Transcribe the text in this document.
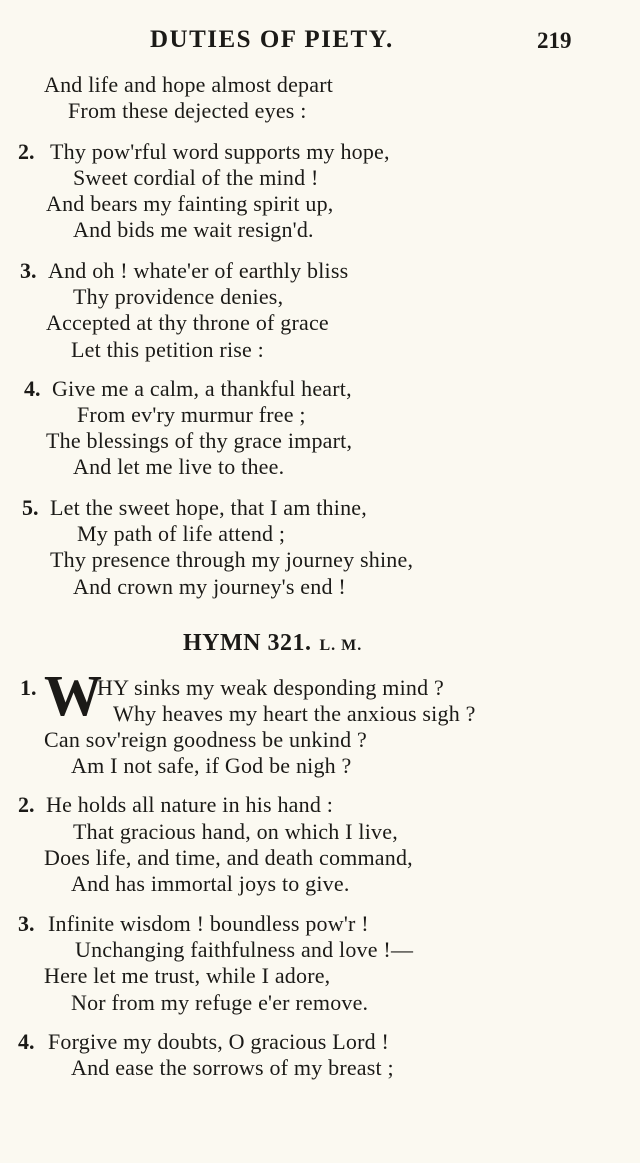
DUTIES OF PIETY.	219
And life and hope almost depart
From these dejected eyes :
2. Thy pow'rful word supports my hope,
Sweet cordial of the mind !
And bears my fainting spirit up,
And bids me wait resign'd.
3. And oh ! whate'er of earthly bliss
Thy providence denies,
Accepted at thy throne of grace
Let this petition rise :
4. Give me a calm, a thankful heart,
From ev'ry murmur free ;
The blessings of thy grace impart,
And let me live to thee.
5. Let the sweet hope, that I am thine,
My path of life attend ;
Thy presence through my journey shine,
And crown my journey's end !
HYMN 321. L. M.
1. W
HY sinks my weak desponding mind ?
Why heaves my heart the anxious sigh ?
Can sov'reign goodness be unkind ?
Am I not safe, if God be nigh ?
2. He holds all nature in his hand :
That gracious hand, on which I live,
Does life, and time, and death command,
And has immortal joys to give.
3. Infinite wisdom ! boundless pow'r !
Unchanging faithfulness and love !—
Here let me trust, while I adore,
Nor from my refuge e'er remove.
4. Forgive my doubts, O gracious Lord !
And ease the sorrows of my breast ;
